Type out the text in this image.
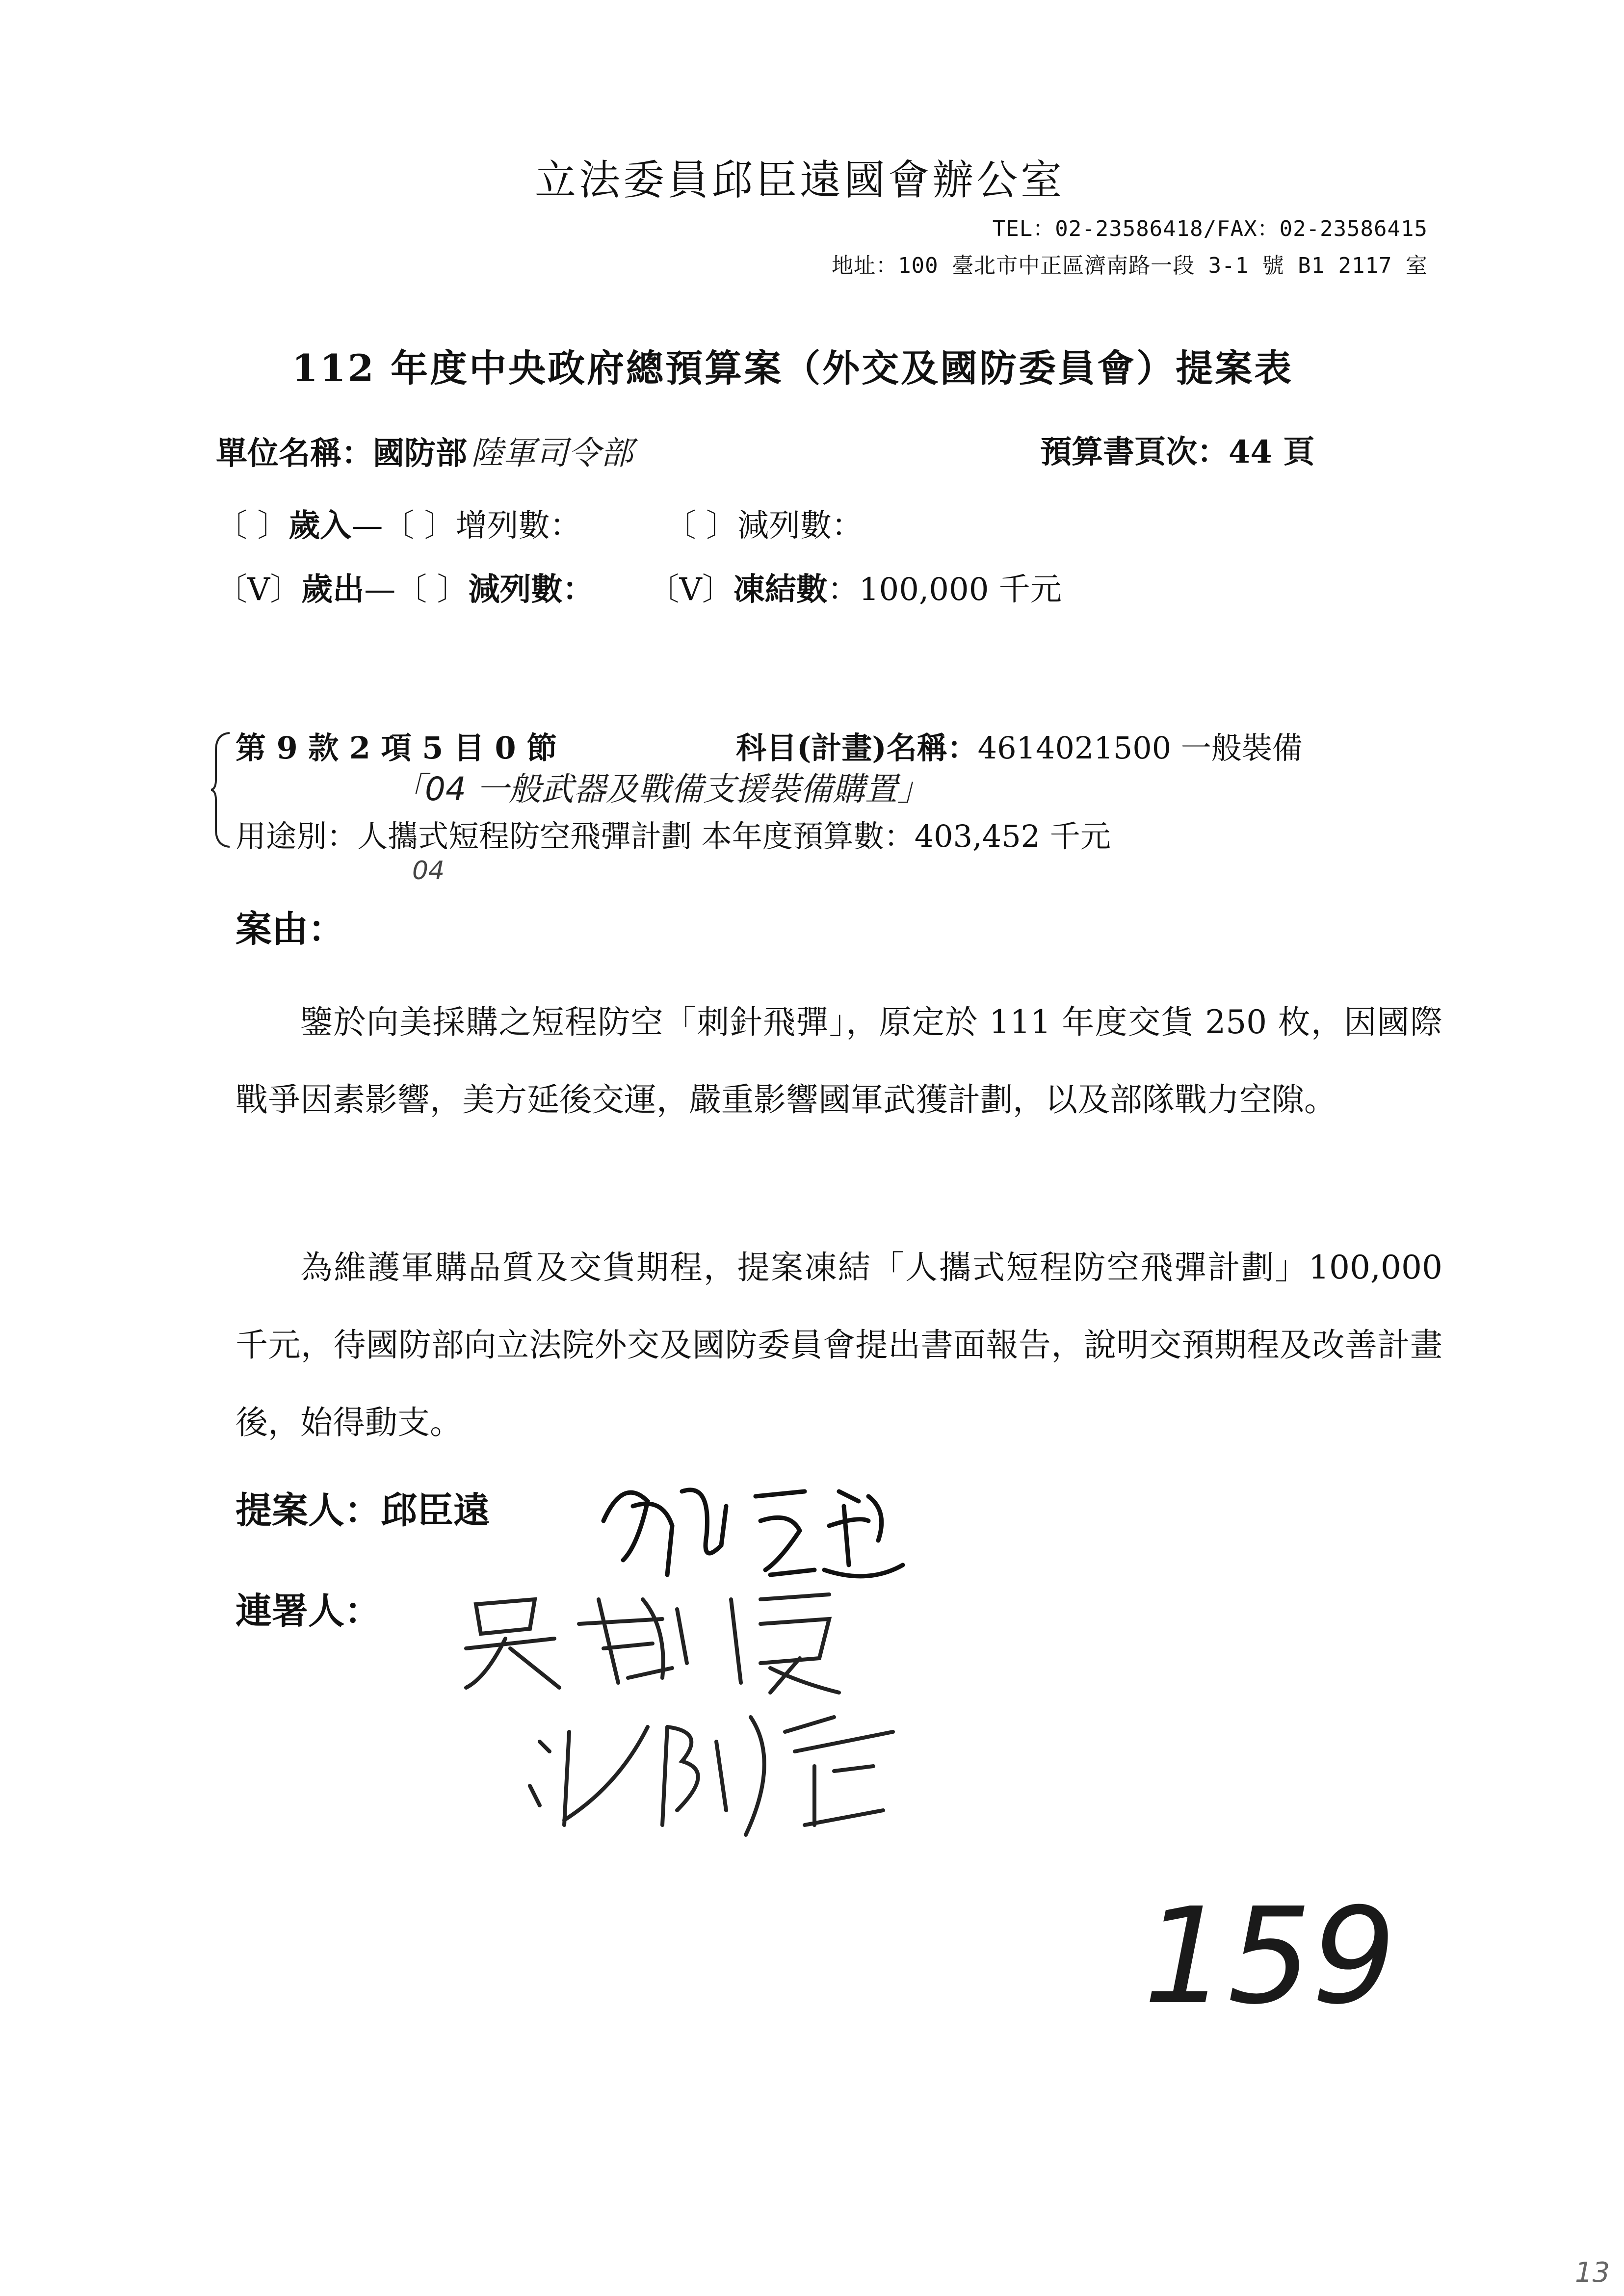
立法委員邱臣遠國會辦公室
TEL：02-23586418/FAX：02-23586415
地址：100 臺北市中正區濟南路一段 3-1 號 B1 2117 室
112 年度中央政府總預算案（外交及國防委員會）提案表
單位名稱：國防部 陸軍司令部	預算書頁次：44 頁
〔 〕歲入—〔 〕增列數：	〔 〕減列數：
〔V〕歲出—〔 〕減列數： 〔V〕凍結數：100,000 千元
第 9 款 2 項 5 目 0 節	科目(計畫)名稱：4614021500 一般裝備
「04 一般武器及戰備支援裝備購置」
用途別：人攜式短程防空飛彈計劃 本年度預算數：403,452 千元
04
案由：
鑒於向美採購之短程防空「刺針飛彈」，原定於 111 年度交貨 250 枚，因國際戰爭因素影響，美方延後交運，嚴重影響國軍武獲計劃，以及部隊戰力空隙。
為維護軍購品質及交貨期程，提案凍結「人攜式短程防空飛彈計劃」100,000 千元，待國防部向立法院外交及國防委員會提出書面報告，說明交預期程及改善計畫後，始得動支。
提案人：邱臣遠
連署人：
159
13
